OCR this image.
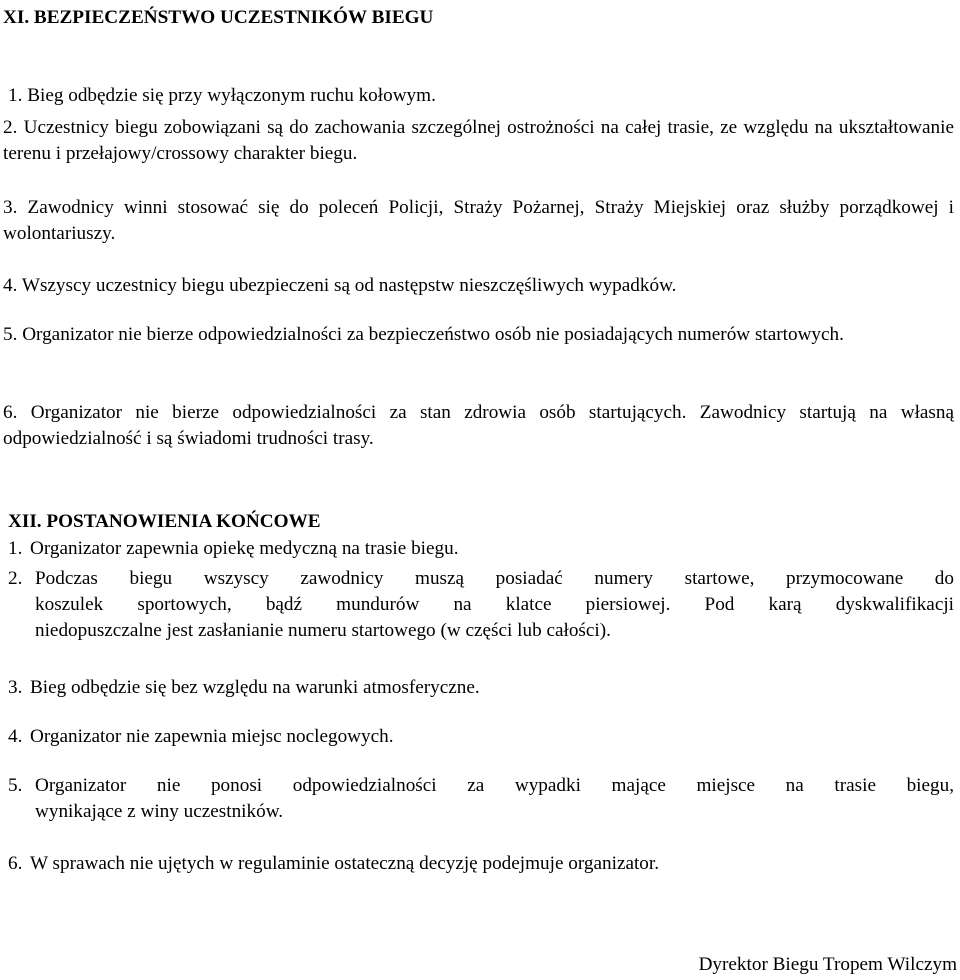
XI. BEZPIECZEŃSTWO UCZESTNIKÓW BIEGU
1. Bieg odbędzie się przy wyłączonym ruchu kołowym.
2. Uczestnicy biegu zobowiązani są do zachowania szczególnej ostrożności na całej trasie, ze względu na ukształtowanie terenu i przełajowy/crossowy charakter biegu.
3. Zawodnicy winni stosować się do poleceń Policji, Straży Pożarnej, Straży Miejskiej oraz służby porządkowej i wolontariuszy.
4. Wszyscy uczestnicy biegu ubezpieczeni są od następstw nieszczęśliwych wypadków.
5. Organizator nie bierze odpowiedzialności za bezpieczeństwo osób nie posiadających numerów startowych.
6. Organizator nie bierze odpowiedzialności za stan zdrowia osób startujących. Zawodnicy startują na własną odpowiedzialność i są świadomi trudności trasy.
XII. POSTANOWIENIA KOŃCOWE
1. Organizator zapewnia opiekę medyczną na trasie biegu.
2. Podczas biegu wszyscy zawodnicy muszą posiadać numery startowe, przymocowane do
koszulek sportowych, bądź mundurów na klatce piersiowej. Pod karą dyskwalifikacji
niedopuszczalne jest zasłanianie numeru startowego (w części lub całości).
3. Bieg odbędzie się bez względu na warunki atmosferyczne.
4. Organizator nie zapewnia miejsc noclegowych.
5. Organizator nie ponosi odpowiedzialności za wypadki mające miejsce na trasie biegu,
wynikające z winy uczestników.
6. W sprawach nie ujętych w regulaminie ostateczną decyzję podejmuje organizator.
Dyrektor Biegu Tropem Wilczym
